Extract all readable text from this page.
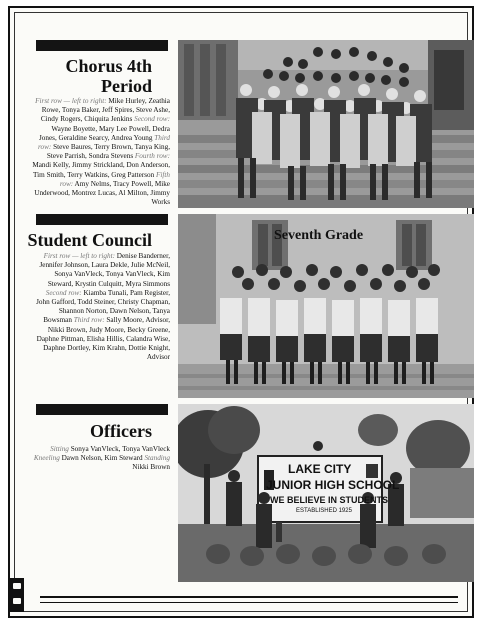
Chorus 4th
Period
First row — left to right: Mike Hurley, Zeathia Rowe, Tonya Baker, Jeff Spires, Steve Ashe, Cindy Rogers, Chiquita Jenkins Second row: Wayne Boyette, Mary Lee Powell, Dedra Jones, Geraldine Searcy, Andrea Young Third row: Steve Baures, Terry Brown, Tanya King, Steve Parrish, Sondra Stevens Fourth row: Mandi Kelly, Jimmy Strickland, Don Anderson, Tim Smith, Terry Watkins, Greg Patterson Fifth row: Amy Nelms, Tracy Powell, Mike Underwood, Montrez Lucas, Al Milton, Jimmy Works
Student Council
First row — left to right: Denise Banderner, Jennifer Johnson, Laura Dekle, Julie McNeil, Sonya VanVleck, Tonya VanVleck, Kim Steward, Krystin Culquitt, Myra Simmons Second row: Kiamba Tunali, Pam Register, John Gafford, Todd Steiner, Christy Chapman, Shannon Norton, Dawn Nelson, Tanya Bowsman Third row: Sally Moore, Advisor, Nikki Brown, Judy Moore, Becky Greene, Daphne Pittman, Elisha Hillis, Calandra Wise, Daphne Dortley, Kim Krahn, Dottie Knight, Advisor
Seventh Grade
Officers
Sitting Sonya VanVleck, Tonya VanVleck Kneeling Dawn Nelson, Kim Steward Standing Nikki Brown	LAKE CITY
JUNIOR HIGH SCHOOL
WE BELIEVE IN STUDENTS
ESTABLISHED 1925
